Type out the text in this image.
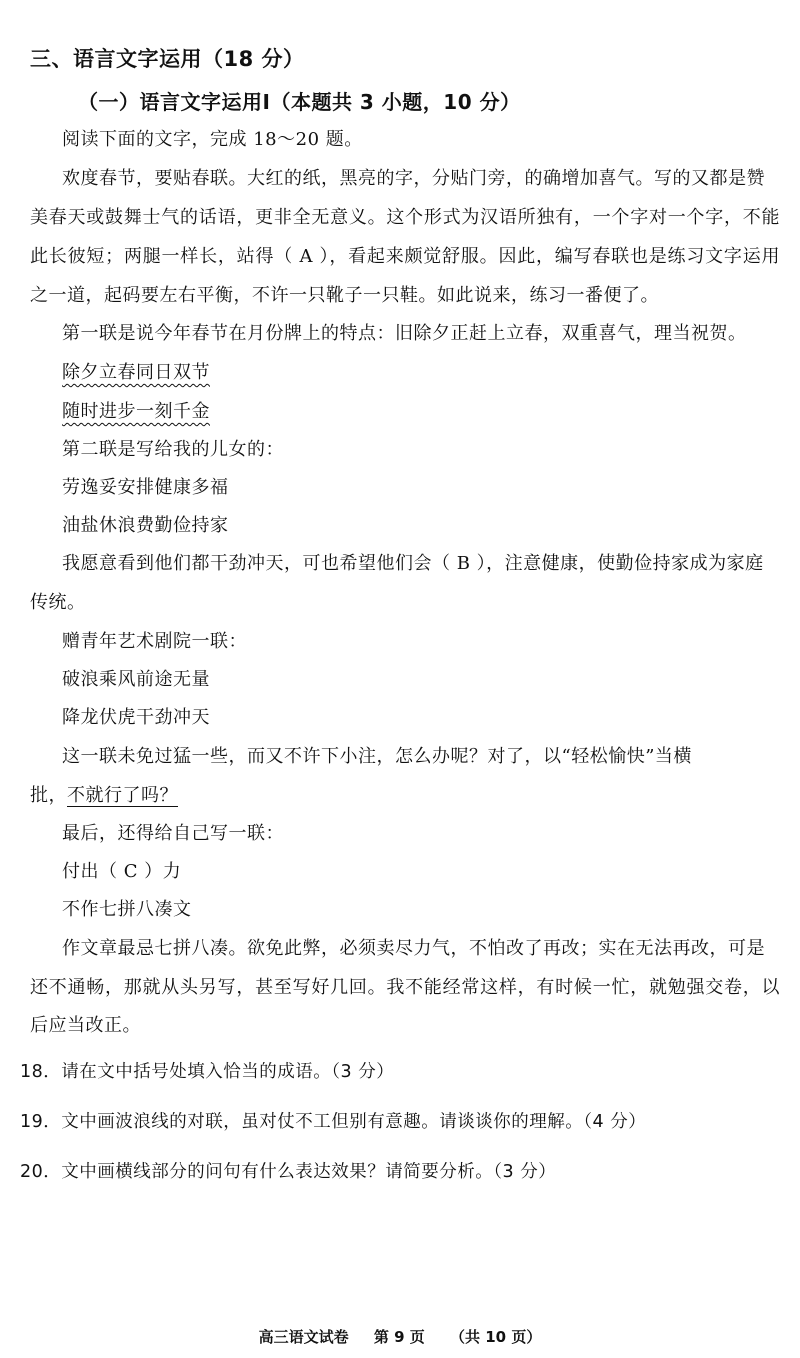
三、语言文字运用（18 分）
（一）语言文字运用Ⅰ（本题共 3 小题，10 分）
阅读下面的文字，完成 18～20 题。
欢度春节，要贴春联。大红的纸，黑亮的字，分贴门旁，的确增加喜气。写的又都是赞
美春天或鼓舞士气的话语，更非全无意义。这个形式为汉语所独有，一个字对一个字，不能
此长彼短；两腿一样长，站得（ A ），看起来颇觉舒服。因此，编写春联也是练习文字运用
之一道，起码要左右平衡，不许一只靴子一只鞋。如此说来，练习一番便了。
第一联是说今年春节在月份牌上的特点：旧除夕正赶上立春，双重喜气，理当祝贺。
除夕立春同日双节
随时进步一刻千金
第二联是写给我的儿女的：
劳逸妥安排健康多福
油盐休浪费勤俭持家
我愿意看到他们都干劲冲天，可也希望他们会（ B ），注意健康，使勤俭持家成为家庭
传统。
赠青年艺术剧院一联：
破浪乘风前途无量
降龙伏虎干劲冲天
这一联未免过猛一些，而又不许下小注，怎么办呢？对了，以“轻松愉快”当横
批，不就行了吗？
最后，还得给自己写一联：
付出（ C ）力
不作七拼八凑文
作文章最忌七拼八凑。欲免此弊，必须卖尽力气，不怕改了再改；实在无法再改，可是
还不通畅，那就从头另写，甚至写好几回。我不能经常这样，有时候一忙，就勉强交卷，以
后应当改正。
18．请在文中括号处填入恰当的成语。（3 分）
19．文中画波浪线的对联，虽对仗不工但别有意趣。请谈谈你的理解。（4 分）
20．文中画横线部分的问句有什么表达效果？请简要分析。（3 分）
高三语文试卷 第 9 页 （共 10 页）
